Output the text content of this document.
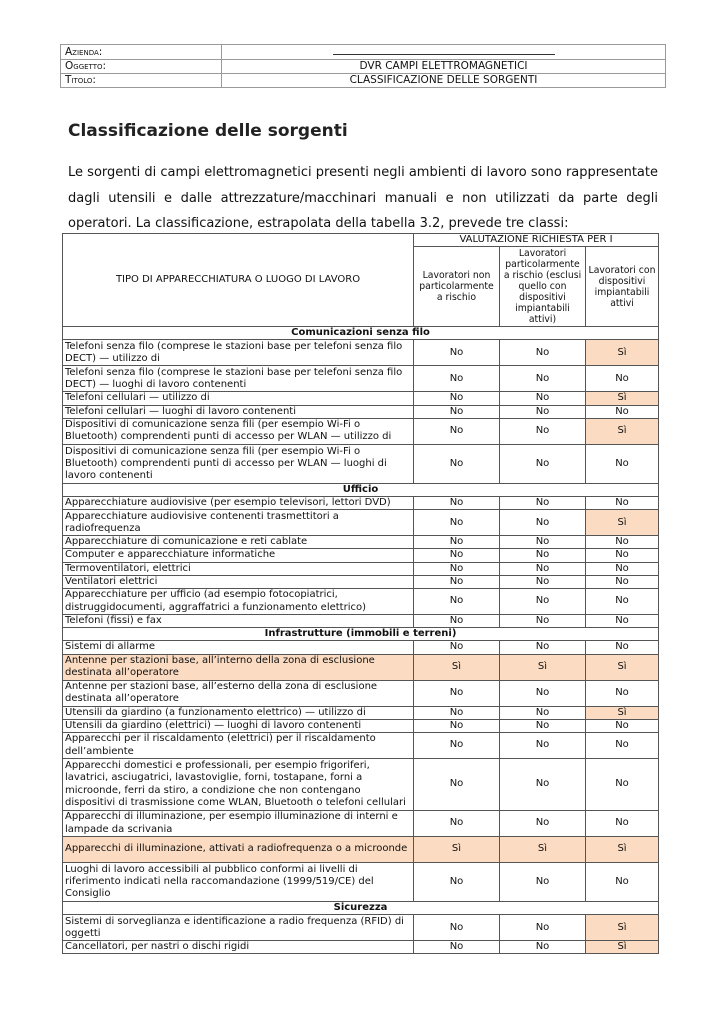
Azienda:	
Oggetto:	DVR CAMPI ELETTROMAGNETICI
Titolo:	CLASSIFICAZIONE DELLE SORGENTI
Classificazione delle sorgenti

Le sorgenti di campi elettromagnetici presenti negli ambienti di lavoro sono rappresentate dagli utensili e dalle attrezzature/macchinari manuali e non utilizzati da parte degli operatori. La classificazione, estrapolata della tabella 3.2, prevede tre classi:

TIPO DI APPARECCHIATURA O LUOGO DI LAVORO	VALUTAZIONE RICHIESTA PER I		
	Lavoratori non particolarmente a rischio	Lavoratori particolarmente a rischio (esclusi quello con dispositivi impiantabili attivi)	Lavoratori con dispositivi impiantabili attivi
Comunicazioni senza filo			
Telefoni senza filo (comprese le stazioni base per telefoni senza filo DECT) — utilizzo di	No	No	Sì
Telefoni senza filo (comprese le stazioni base per telefoni senza filo DECT) — luoghi di lavoro contenenti	No	No	No
Telefoni cellulari — utilizzo di	No	No	Sì
Telefoni cellulari — luoghi di lavoro contenenti	No	No	No
Dispositivi di comunicazione senza fili (per esempio Wi-Fi o Bluetooth) comprendenti punti di accesso per WLAN — utilizzo di	No	No	Sì
Dispositivi di comunicazione senza fili (per esempio Wi-Fi o Bluetooth) comprendenti punti di accesso per WLAN — luoghi di lavoro contenenti	No	No	No
Ufficio			
Apparecchiature audiovisive (per esempio televisori, lettori DVD)	No	No	No
Apparecchiature audiovisive contenenti trasmettitori a radiofrequenza	No	No	Sì
Apparecchiature di comunicazione e reti cablate	No	No	No
Computer e apparecchiature informatiche	No	No	No
Termoventilatori, elettrici	No	No	No
Ventilatori elettrici	No	No	No
Apparecchiature per ufficio (ad esempio fotocopiatrici, distruggidocumenti, aggraffatrici a funzionamento elettrico)	No	No	No
Telefoni (fissi) e fax	No	No	No
Infrastrutture (immobili e terreni)			
Sistemi di allarme	No	No	No
Antenne per stazioni base, all’interno della zona di esclusione destinata all’operatore	Sì	Sì	Sì
Antenne per stazioni base, all’esterno della zona di esclusione destinata all’operatore	No	No	No
Utensili da giardino (a funzionamento elettrico) — utilizzo di	No	No	Sì
Utensili da giardino (elettrici) — luoghi di lavoro contenenti	No	No	No
Apparecchi per il riscaldamento (elettrici) per il riscaldamento dell’ambiente	No	No	No
Apparecchi domestici e professionali, per esempio frigoriferi, lavatrici, asciugatrici, lavastoviglie, forni, tostapane, forni a microonde, ferri da stiro, a condizione che non contengano dispositivi di trasmissione come WLAN, Bluetooth o telefoni cellulari	No	No	No
Apparecchi di illuminazione, per esempio illuminazione di interni e lampade da scrivania	No	No	No
Apparecchi di illuminazione, attivati a radiofrequenza o a microonde	Sì	Sì	Sì
Luoghi di lavoro accessibili al pubblico conformi ai livelli di riferimento indicati nella raccomandazione (1999/519/CE) del Consiglio	No	No	No
Sicurezza			
Sistemi di sorveglianza e identificazione a radio frequenza (RFID) di oggetti	No	No	Sì
Cancellatori, per nastri o dischi rigidi	No	No	Sì
